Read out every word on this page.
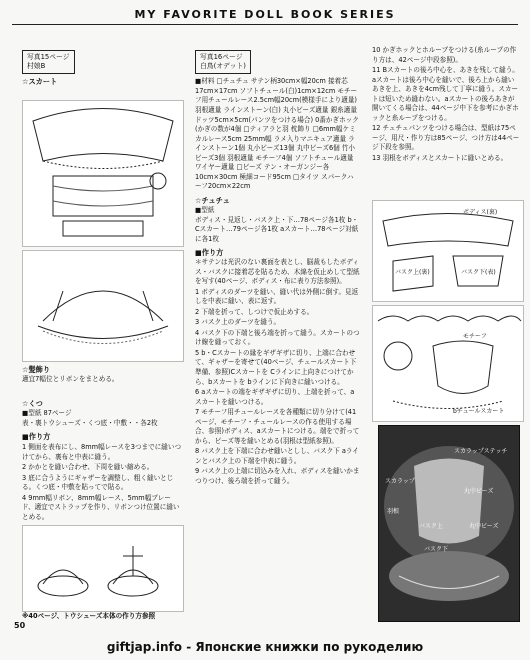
MY FAVORITE DOLL BOOK SERIES
写真15ページ
村娘B
☆スカート
☆髪飾り
適宜7幅位とリボンをまとめる。
☆くつ
■型紙 87ページ
表・裏トウシューズ・くつ底・中敷・・各2枚
■作り方
1 側面を表布にし、8mm幅レースを3つまでに縫いつけてから、裏布と中表に縫う。
2 かかとを縫い合わせ、下周を縫い縮める。
3 底に合うようにギャザーを調整し、粗く縫いとじる。くつ底・中敷を貼ってで貼る。
4 9mm幅リボン、8mm幅レース、5mm幅ブレード、適宜でストラップを作り、リボンつけ位置に縫いとめる。
※40ページ、トウシューズ本体の作り方参照
写真16ページ
白鳥(オデット)
■材料 □チュチュ サテン柄30cm×幅20cm 接着芯17cm×17cm ソフトチュール(白)1cm×12cm モチーフ用チュールレース2.5cm幅20cm(模様手により適量) 羽根適量 ラインストーン(白) 丸小ビーズ適量 銀糸適量 ドッツ5cm×5cm(パンツをつける場合) 0番かぎホック(かぎの数が4個 □ティアラと羽 枕飾り □6mm幅ケミカルレース5cm 25mm幅 ラメ入りマニキュア適量 ラインストーン1個 丸小ビーズ13個 丸中ビーズ6個 竹小ビーズ3個 羽根適量 モチーフ4個 ソフトチュール適量 ワイヤー適量 □ビーズ テン・オーガンジー各10cm×30cm 極細コード95cm □タイツ スパークハーフ20cm×22cm
☆チュチュ
■型紙
ボディス・見返し・バスク上・下…78ページ各1枚 b・Cスカート…79ページ各1枚 aスカート…78ページ対紙に各1枚
■作り方
＊サテンは光沢のない裏面を表とし、脳裁もしたボディス・バスクに接着芯を貼るため、木綿を仮止めして型紙を写す(40ページ、ボディス・布に表り方法参照)。
1 ボディスのダーツを縫い、縫い代は外側に倒す。見返しを中表に縫い、表に返す。
2 下端を折って、しつけで仮止めする。
3 バスク上のダーツを縫う。
4 バスク下の下端と後ろ端を折って縫う。スカートのつけ線を縫っておく。
5 b・Cスカートの縁をギザギザに切り、上端に合わせて、ギャザーを寄せて(40ページ、チュールスカート下準備、参照)Cスカートを Cラインに上向きにつけてから、bスカートを bラインに下向きに縫いつける。
6 aスカートの端をギザギザに切り、上端を折って、aスカートを縫いつける。
7 モチーフ用チュールレースを各種類に切り分けて(41ページ、モチーフ・チュールレースの作る使用する場合、参照)ボディス、aスカートにつける。端をで折ってから、ビーズ等を縫いとめる(羽根は型紙参照)。
8 バスク上を下端に合わせ縫いとしし、バスク下 aラインとバスク上の下端を中表に縫う。
9 バスク上の上端に切込みを入れ、ボディスを縫いかまつりつけ、後ろ端を折って縫う。
10 かぎホックとホルーブをつける(糸ループの作り方は、42ページ中段参照)。
11 Bスカートの後ろ中心を、あきを残して縫う。aスカートは後ろ中心を縫いで、後ろ上から縫いあきを上、あきを4cm残して丁寧に縫う。スカートは短いため縫わない。aスカートの後ろあきが開いてくる場合は、44ページ中下を参考にかぎホックと糸ループをつける。
12 チュチュパンツをつける場合は、型紙は75ページ、用尺・作り方は85ページ、つけ方は44ページ下段を参照。
13 羽根をボディスとスカートに縫いとめる。
ボディス(裏)
バスク上(裏)	バスク下(表)
bチュールスカート
モチーフ
スカラップステッチ
スカラップ
丸中ビーズ
羽根
バスク上	丸中ビーズ
バスク下
50
giftjap.info - Японские книжки по рукоделию
